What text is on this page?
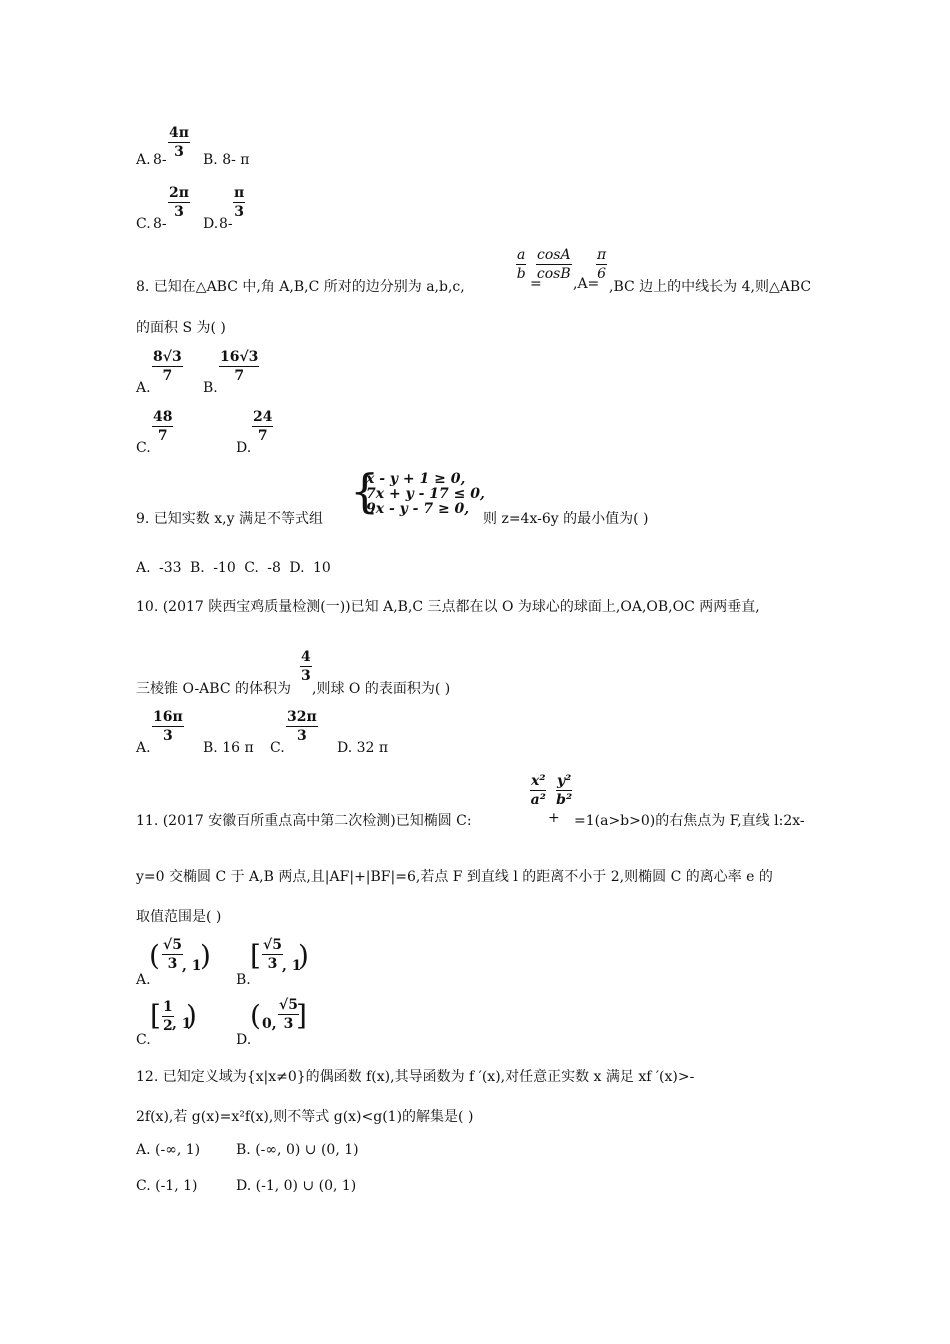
A. 8-
$\frac{4\pi}{3}$
B. 8- π
C. 8-
$\frac{2\pi}{3}$
D. 8-
$\frac{\pi}{3}$
8. 已知在△ABC 中,角 A,B,C 所对的边分别为 a,b,c,
$\frac{a}{b}$
=
$\frac{\cos A}{\cos B}$
,A=
$\frac{\pi}{6}$
,BC 边上的中线长为 4,则△ABC
的面积 S 为( )
A.
$\frac{8√3}{7}$
B.
$\frac{16√3}{7}$
C.
$\frac{48}{7}$
D.
$\frac{24}{7}$
9. 已知实数 x,y 满足不等式组
{
x - y + 1 ≥ 0,
7x + y - 17 ≤ 0,
9x - y - 7 ≥ 0,
则 z=4x-6y 的最小值为( )
A. -33 B. -10 C. -8 D. 10
10. (2017 陕西宝鸡质量检测(一))已知 A,B,C 三点都在以 O 为球心的球面上,OA,OB,OC 两两垂直,
三棱锥 O-ABC 的体积为
$\frac{4}{3}$
,则球 O 的表面积为( )
A.
$\frac{16\pi}{3}$
B. 16 π C.
$\frac{32\pi}{3}$
D. 32 π
11. (2017 安徽百所重点高中第二次检测)已知椭圆 C:
$\frac{\text{x²}}{\text{a²}}$
+
$\frac{\text{y²}}{\text{b²}}$
=1(a>b>0)的右焦点为 F,直线 l:2x-
y=0 交椭圆 C 于 A,B 两点,且|AF|+|BF|=6,若点 F 到直线 l 的距离不小于 2,则椭圆 C 的离心率 e 的
取值范围是( )
A.
( $\frac{√5}{3}$ , 1
)
B.
[ $\frac{√5}{3}$ , 1
)
C.
[ $\frac{1}{2}$
, 1
)
D.
( 0, $\frac{√5}{3}$
]
12. 已知定义域为{x|x≠0}的偶函数 f(x),其导函数为 f ′(x),对任意正实数 x 满足 xf ′(x)>-
2f(x),若 g(x)=x²f(x),则不等式 g(x)<g(1)的解集是( )
A. (-∞, 1)	B. (-∞, 0) ∪ (0, 1)
C. (-1, 1)	D. (-1, 0) ∪ (0, 1)
